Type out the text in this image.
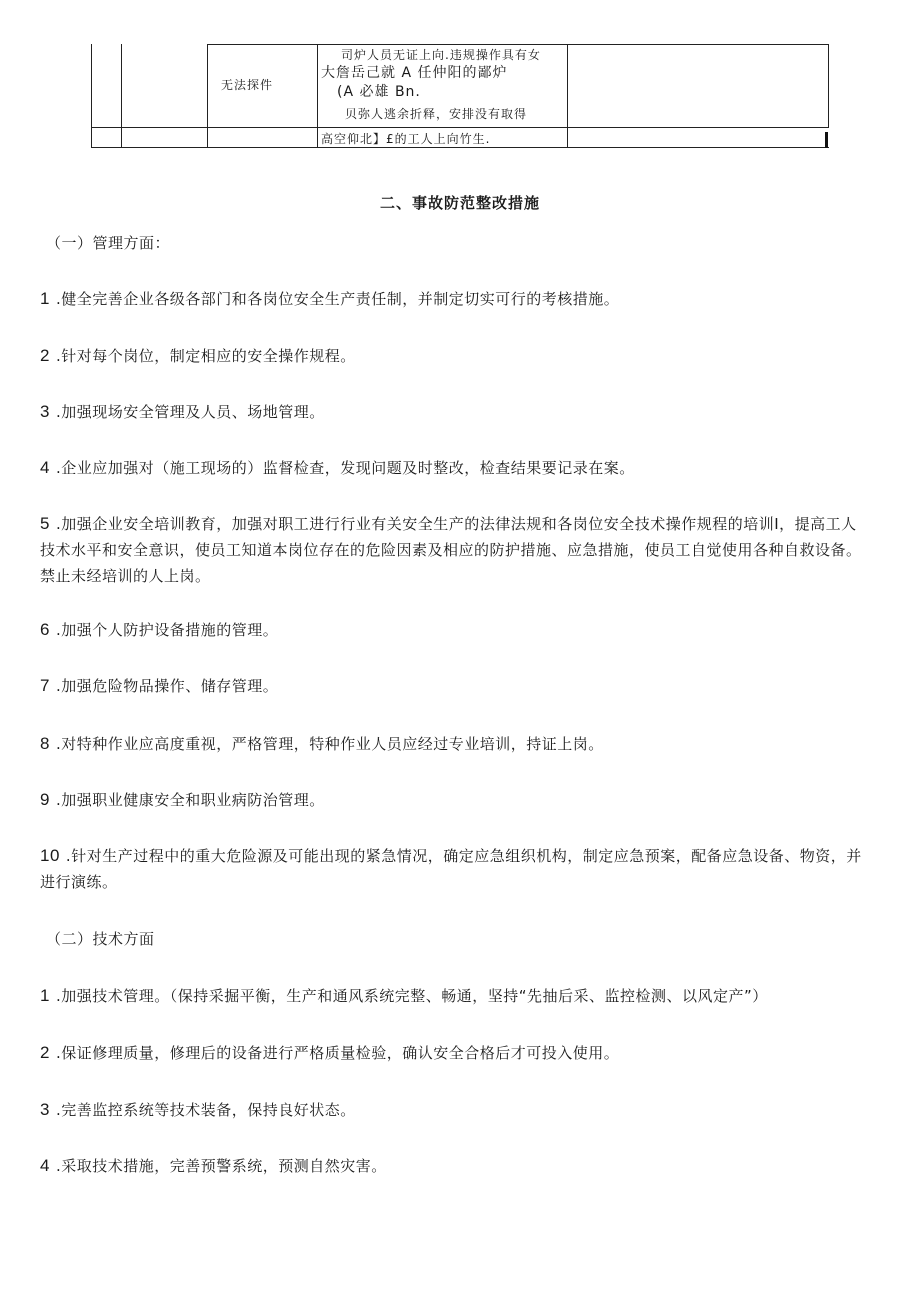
无法探件
司炉人员无证上向.违规操作具有女
大詹岳己就 A 任仲阳的鄙炉
(A 必雄 Bn.
贝弥人逃余折释，安排没有取得
高空仰北】£的工人上向竹生.
二、事故防范整改措施
（一）管理方面：
1 .健全完善企业各级各部门和各岗位安全生产责任制，并制定切实可行的考核措施。
2 .针对每个岗位，制定相应的安全操作规程。
3 .加强现场安全管理及人员、场地管理。
4 .企业应加强对（施工现场的）监督检查，发现问题及时整改，检查结果要记录在案。
5 .加强企业安全培训教育，加强对职工进行行业有关安全生产的法律法规和各岗位安全技术操作规程的培训I，提高工人技术水平和安全意识，使员工知道本岗位存在的危险因素及相应的防护措施、应急措施，使员工自觉使用各种自救设备。禁止未经培训的人上岗。
6 .加强个人防护设备措施的管理。
7 .加强危险物品操作、储存管理。
8 .对特种作业应高度重视，严格管理，特种作业人员应经过专业培训，持证上岗。
9 .加强职业健康安全和职业病防治管理。
10 .针对生产过程中的重大危险源及可能出现的紧急情况，确定应急组织机构，制定应急预案，配备应急设备、物资，并进行演练。
（二）技术方面
1 .加强技术管理。（保持采掘平衡，生产和通风系统完整、畅通，坚持“先抽后采、监控检测、以风定产”）
2 .保证修理质量，修理后的设备进行严格质量检验，确认安全合格后才可投入使用。
3 .完善监控系统等技术装备，保持良好状态。
4 .采取技术措施，完善预警系统，预测自然灾害。
